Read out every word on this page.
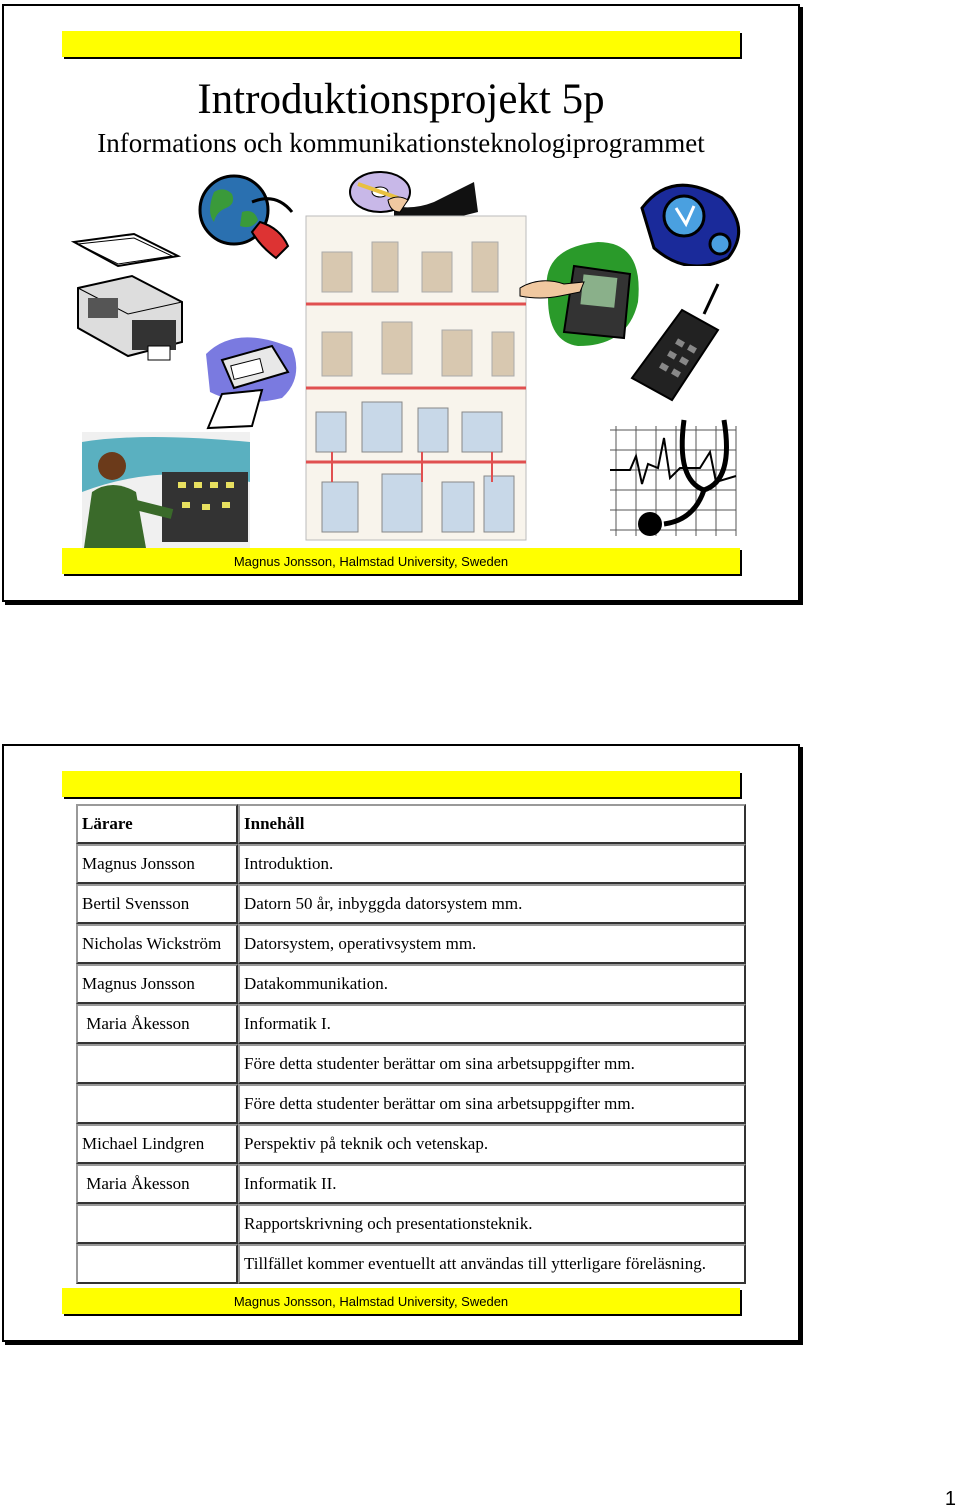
Introduktionsprojekt 5p
Informations och kommunikationsteknologiprogrammet
Magnus Jonsson, Halmstad University, Sweden
Lärare	Innehåll
Magnus Jonsson	Introduktion.
Bertil Svensson	Datorn 50 år, inbyggda datorsystem mm.
Nicholas Wickström	Datorsystem, operativsystem mm.
Magnus Jonsson	Datakommunikation.
Maria Åkesson	Informatik I.
	Före detta studenter berättar om sina arbetsuppgifter mm.
	Före detta studenter berättar om sina arbetsuppgifter mm.
Michael Lindgren	Perspektiv på teknik och vetenskap.
Maria Åkesson	Informatik II.
	Rapportskrivning och presentationsteknik.
	Tillfället kommer eventuellt att användas till ytterligare föreläsning.
Magnus Jonsson, Halmstad University, Sweden
1
